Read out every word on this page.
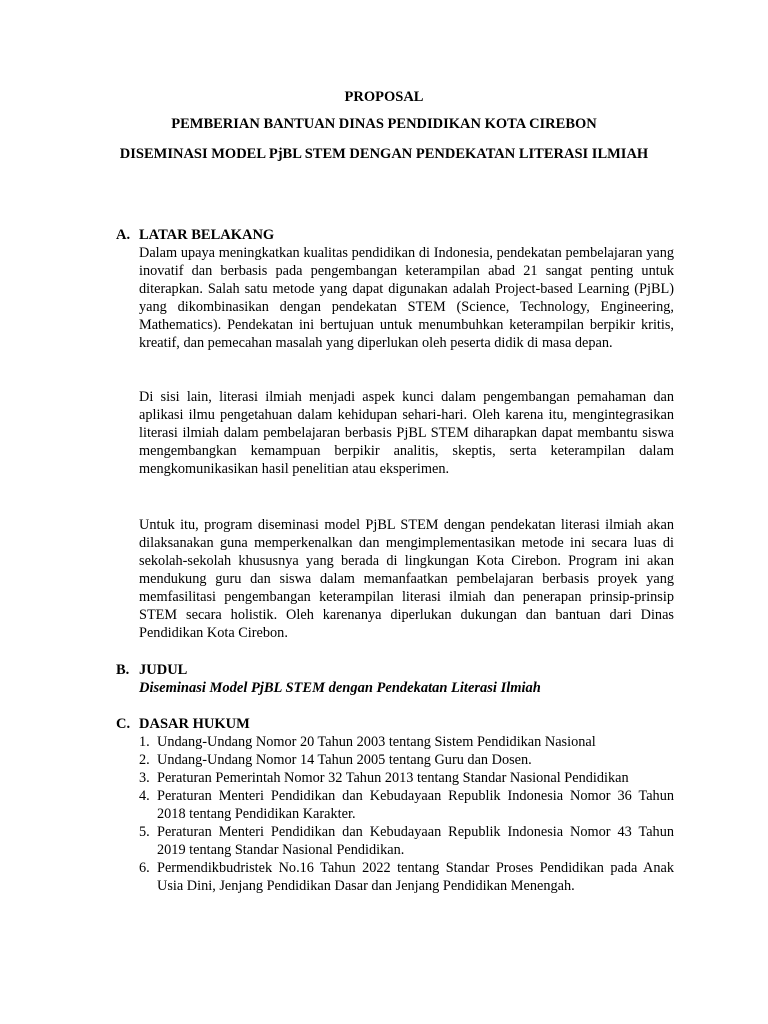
PROPOSAL
PEMBERIAN BANTUAN DINAS PENDIDIKAN KOTA CIREBON
DISEMINASI MODEL PjBL STEM DENGAN PENDEKATAN LITERASI ILMIAH
A. LATAR BELAKANG
Dalam upaya meningkatkan kualitas pendidikan di Indonesia, pendekatan pembelajaran yang inovatif dan berbasis pada pengembangan keterampilan abad 21 sangat penting untuk diterapkan. Salah satu metode yang dapat digunakan adalah Project-based Learning (PjBL) yang dikombinasikan dengan pendekatan STEM (Science, Technology, Engineering, Mathematics). Pendekatan ini bertujuan untuk menumbuhkan keterampilan berpikir kritis, kreatif, dan pemecahan masalah yang diperlukan oleh peserta didik di masa depan.
Di sisi lain, literasi ilmiah menjadi aspek kunci dalam pengembangan pemahaman dan aplikasi ilmu pengetahuan dalam kehidupan sehari-hari. Oleh karena itu, mengintegrasikan literasi ilmiah dalam pembelajaran berbasis PjBL STEM diharapkan dapat membantu siswa mengembangkan kemampuan berpikir analitis, skeptis, serta keterampilan dalam mengkomunikasikan hasil penelitian atau eksperimen.
Untuk itu, program diseminasi model PjBL STEM dengan pendekatan literasi ilmiah akan dilaksanakan guna memperkenalkan dan mengimplementasikan metode ini secara luas di sekolah-sekolah khususnya yang berada di lingkungan Kota Cirebon. Program ini akan mendukung guru dan siswa dalam memanfaatkan pembelajaran berbasis proyek yang memfasilitasi pengembangan keterampilan literasi ilmiah dan penerapan prinsip-prinsip STEM secara holistik. Oleh karenanya diperlukan dukungan dan bantuan dari Dinas Pendidikan Kota Cirebon.
B. JUDUL
Diseminasi Model PjBL STEM dengan Pendekatan Literasi Ilmiah
C. DASAR HUKUM
1. Undang-Undang Nomor 20 Tahun 2003 tentang Sistem Pendidikan Nasional
2. Undang-Undang Nomor 14 Tahun 2005 tentang Guru dan Dosen.
3. Peraturan Pemerintah Nomor 32 Tahun 2013 tentang Standar Nasional Pendidikan
4. Peraturan Menteri Pendidikan dan Kebudayaan Republik Indonesia Nomor 36 Tahun 2018 tentang Pendidikan Karakter.
5. Peraturan Menteri Pendidikan dan Kebudayaan Republik Indonesia Nomor 43 Tahun 2019 tentang Standar Nasional Pendidikan.
6. Permendikbudristek No.16 Tahun 2022 tentang Standar Proses Pendidikan pada Anak Usia Dini, Jenjang Pendidikan Dasar dan Jenjang Pendidikan Menengah.
